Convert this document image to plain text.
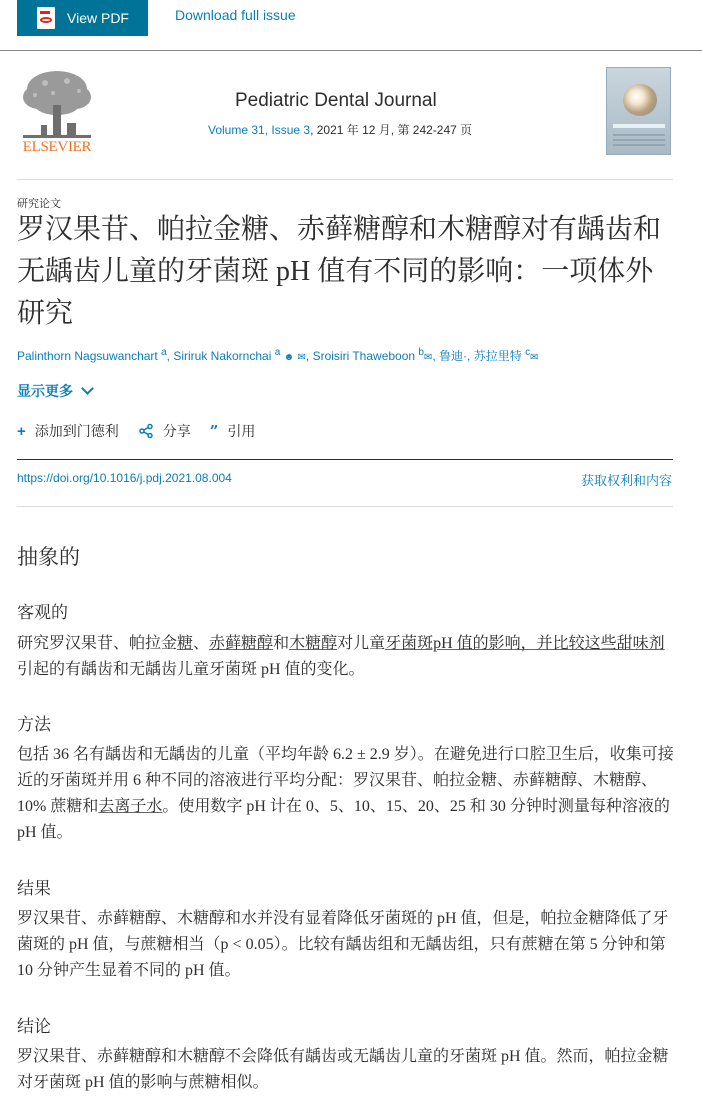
View PDF	Download full issue
ELSEVIER
Pediatric Dental Journal
Volume 31, Issue 3, 2021 年 12 月, 第 242-247 页
研究论文
罗汉果苷、帕拉金糖、赤藓糖醇和木糖醇对有龋齿和无龋齿儿童的牙菌斑 pH 值有不同的影响：一项体外研究
Palinthorn Nagsuwanchart $^a$, Siriruk Nakornchai $^a$ ☻ ✉, Sroisiri Thaweboon $^b$✉, 鲁迪·, 苏拉里特 $^c$✉
显示更多
+ 添加到门德利	分享 ” 引用
https://doi.org/10.1016/j.pdj.2021.08.004	获取权利和内容
抽象的
客观的

研究罗汉果苷、帕拉金糖、赤藓糖醇和木糖醇对儿童牙菌斑pH 值的影响，并比较这些甜味剂引起的有龋齿和无龋齿儿童牙菌斑 pH 值的变化。

方法

包括 36 名有龋齿和无龋齿的儿童（平均年龄 6.2 ± 2.9 岁）。在避免进行口腔卫生后，收集可接近的牙菌斑并用 6 种不同的溶液进行平均分配：罗汉果苷、帕拉金糖、赤藓糖醇、木糖醇、10% 蔗糖和去离子水。使用数字 pH 计在 0、5、10、15、20、25 和 30 分钟时测量每种溶液的 pH 值。

结果

罗汉果苷、赤藓糖醇、木糖醇和水并没有显着降低牙菌斑的 pH 值，但是，帕拉金糖降低了牙菌斑的 pH 值，与蔗糖相当（p < 0.05）。比较有龋齿组和无龋齿组，只有蔗糖在第 5 分钟和第 10 分钟产生显着不同的 pH 值。

结论

罗汉果苷、赤藓糖醇和木糖醇不会降低有龋齿或无龋齿儿童的牙菌斑 pH 值。然而，帕拉金糖对牙菌斑 pH 值的影响与蔗糖相似。
